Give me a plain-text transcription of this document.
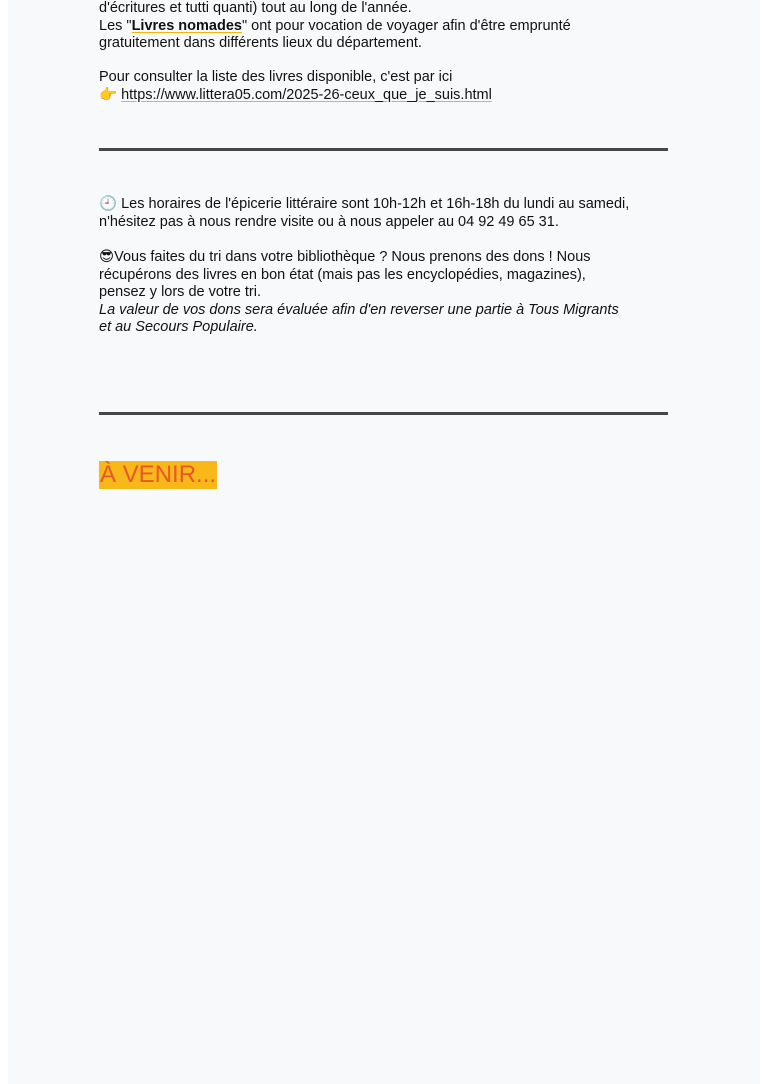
d'écritures et tutti quanti) tout au long de l'année.

Les "Livres nomades" ont pour vocation de voyager afin d'être emprunté

gratuitement dans différents lieux du département.

Pour consulter la liste des livres disponible, c'est par ici

👉 https://www.littera05.com/2025-26-ceux_que_je_suis.html

🕘 Les horaires de l'épicerie littéraire sont 10h-12h et 16h-18h du lundi au samedi,

n'hésitez pas à nous rendre visite ou à nous appeler au 04 92 49 65 31.

😎Vous faites du tri dans votre bibliothèque ? Nous prenons des dons ! Nous

récupérons des livres en bon état (mais pas les encyclopédies, magazines),

pensez y lors de votre tri.

La valeur de vos dons sera évaluée afin d'en reverser une partie à Tous Migrants

et au Secours Populaire.

À VENIR...
